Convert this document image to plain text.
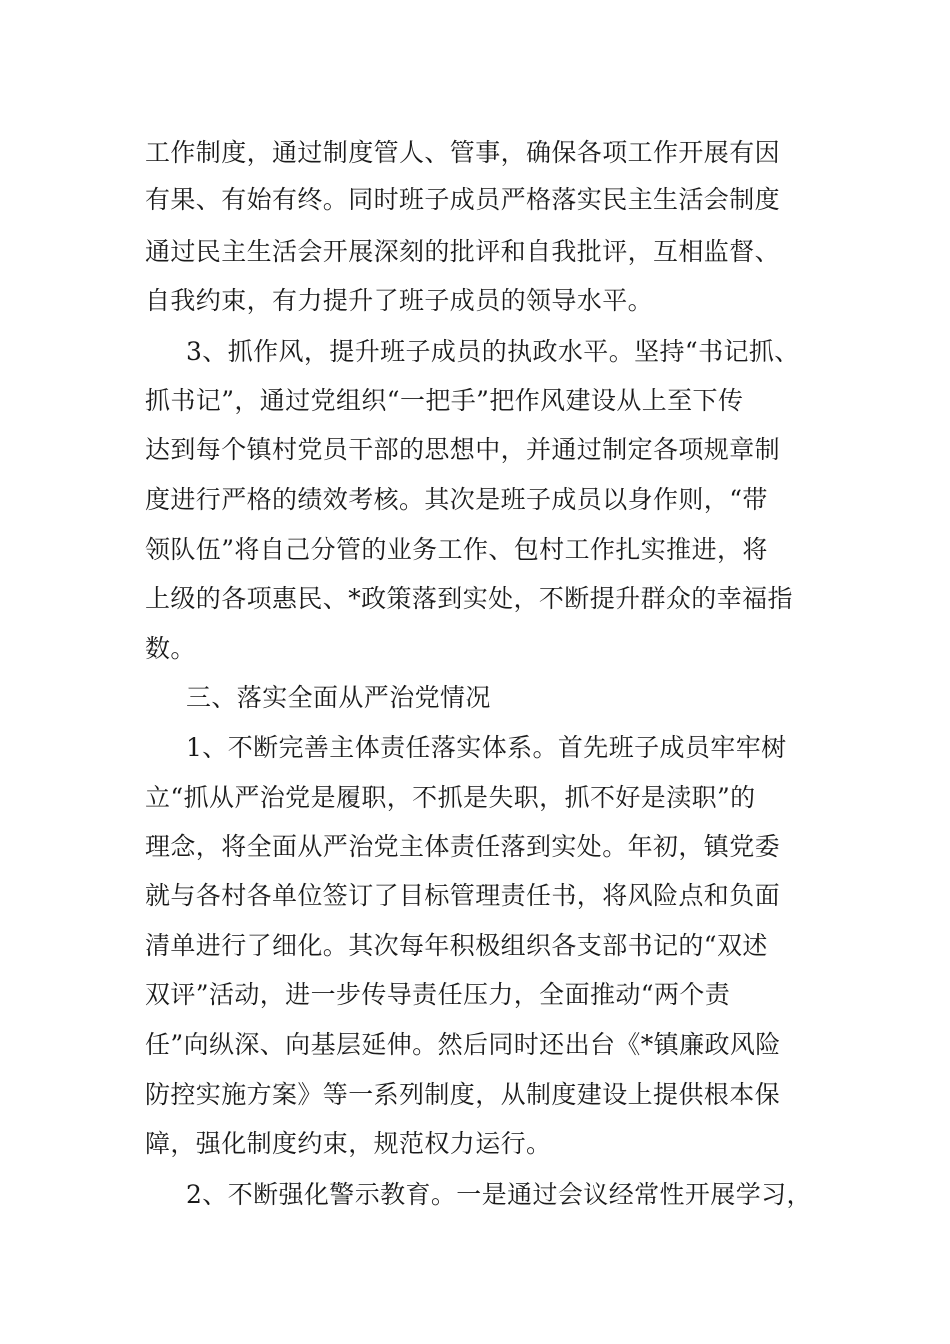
工作制度，通过制度管人、管事，确保各项工作开展有因
有果、有始有终。同时班子成员严格落实民主生活会制度
通过民主生活会开展深刻的批评和自我批评，互相监督、
自我约束，有力提升了班子成员的领导水平。
3、抓作风，提升班子成员的执政水平。坚持“书记抓、
抓书记”，通过党组织“一把手”把作风建设从上至下传
达到每个镇村党员干部的思想中，并通过制定各项规章制
度进行严格的绩效考核。其次是班子成员以身作则，“带
领队伍”将自己分管的业务工作、包村工作扎实推进，将
上级的各项惠民、*政策落到实处，不断提升群众的幸福指
数。
三、落实全面从严治党情况
1、不断完善主体责任落实体系。首先班子成员牢牢树
立“抓从严治党是履职，不抓是失职，抓不好是渎职”的
理念，将全面从严治党主体责任落到实处。年初，镇党委
就与各村各单位签订了目标管理责任书，将风险点和负面
清单进行了细化。其次每年积极组织各支部书记的“双述
双评”活动，进一步传导责任压力，全面推动“两个责
任”向纵深、向基层延伸。然后同时还出台《*镇廉政风险
防控实施方案》等一系列制度，从制度建设上提供根本保
障，强化制度约束，规范权力运行。
2、不断强化警示教育。一是通过会议经常性开展学习，
